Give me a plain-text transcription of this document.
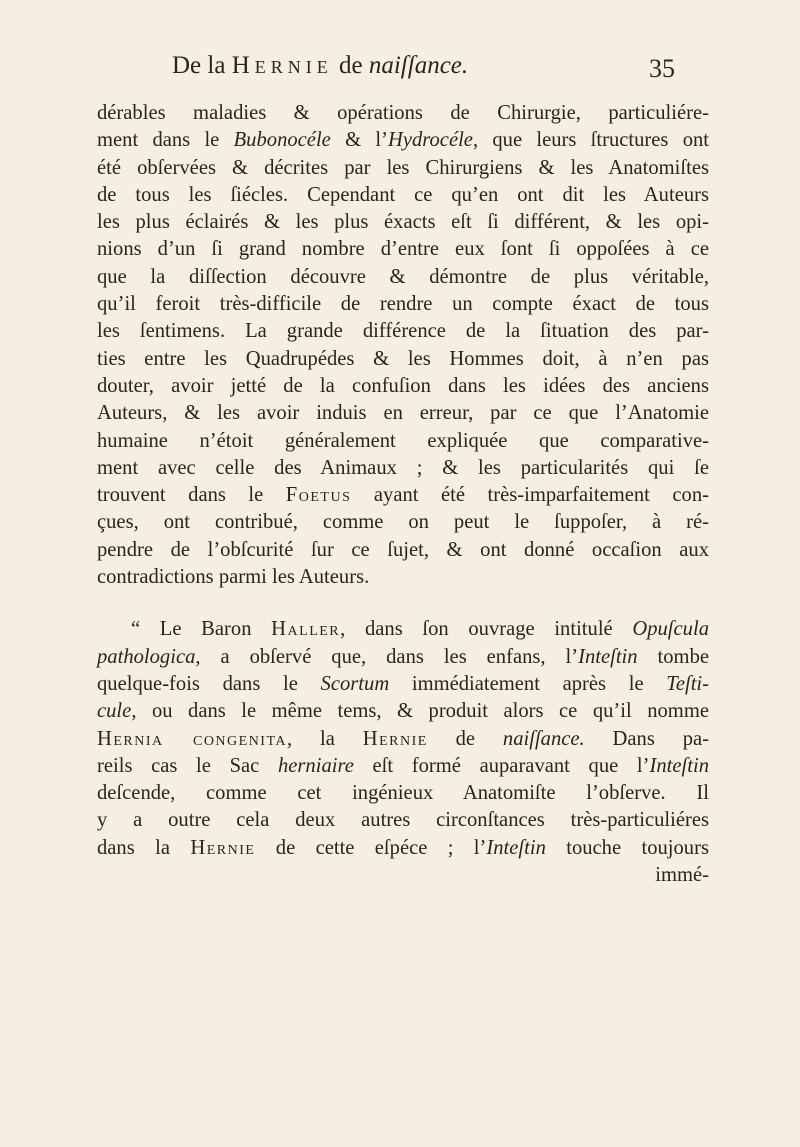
De la Hernie de naiſſance.	35
dérables maladies & opérations de Chirurgie, particuliére-
ment dans le Bubonocéle & l’Hydrocéle, que leurs ſtructures ont
été obſervées & décrites par les Chirurgiens & les Anatomiſtes
de tous les ſiécles. Cependant ce qu’en ont dit les Auteurs
les plus éclairés & les plus éxacts eſt ſi différent, & les opi-
nions d’un ſi grand nombre d’entre eux ſont ſi oppoſées à ce
que la diſſection découvre & démontre de plus véritable,
qu’il feroit très-difficile de rendre un compte éxact de tous
les ſentimens. La grande différence de la ſituation des par-
ties entre les Quadrupédes & les Hommes doit, à n’en pas
douter, avoir jetté de la confuſion dans les idées des anciens
Auteurs, & les avoir induis en erreur, par ce que l’Anatomie
humaine n’étoit généralement expliquée que comparative-
ment avec celle des Animaux ; & les particularités qui ſe
trouvent dans le Foetus ayant été très-imparfaitement con-
çues, ont contribué, comme on peut le ſuppoſer, à ré-
pendre de l’obſcurité ſur ce ſujet, & ont donné occaſion aux
contradictions parmi les Auteurs.
“ Le Baron Haller, dans ſon ouvrage intitulé Opuſcula
pathologica, a obſervé que, dans les enfans, l’Inteſtin tombe
quelque-fois dans le Scortum immédiatement après le Teſti-
cule, ou dans le même tems, & produit alors ce qu’il nomme
Hernia congenita, la Hernie de naiſſance. Dans pa-
reils cas le Sac herniaire eſt formé auparavant que l’Inteſtin
deſcende, comme cet ingénieux Anatomiſte l’obſerve. Il
y a outre cela deux autres circonſtances très-particuliéres
dans la Hernie de cette eſpéce ; l’Inteſtin touche toujours
immé-
